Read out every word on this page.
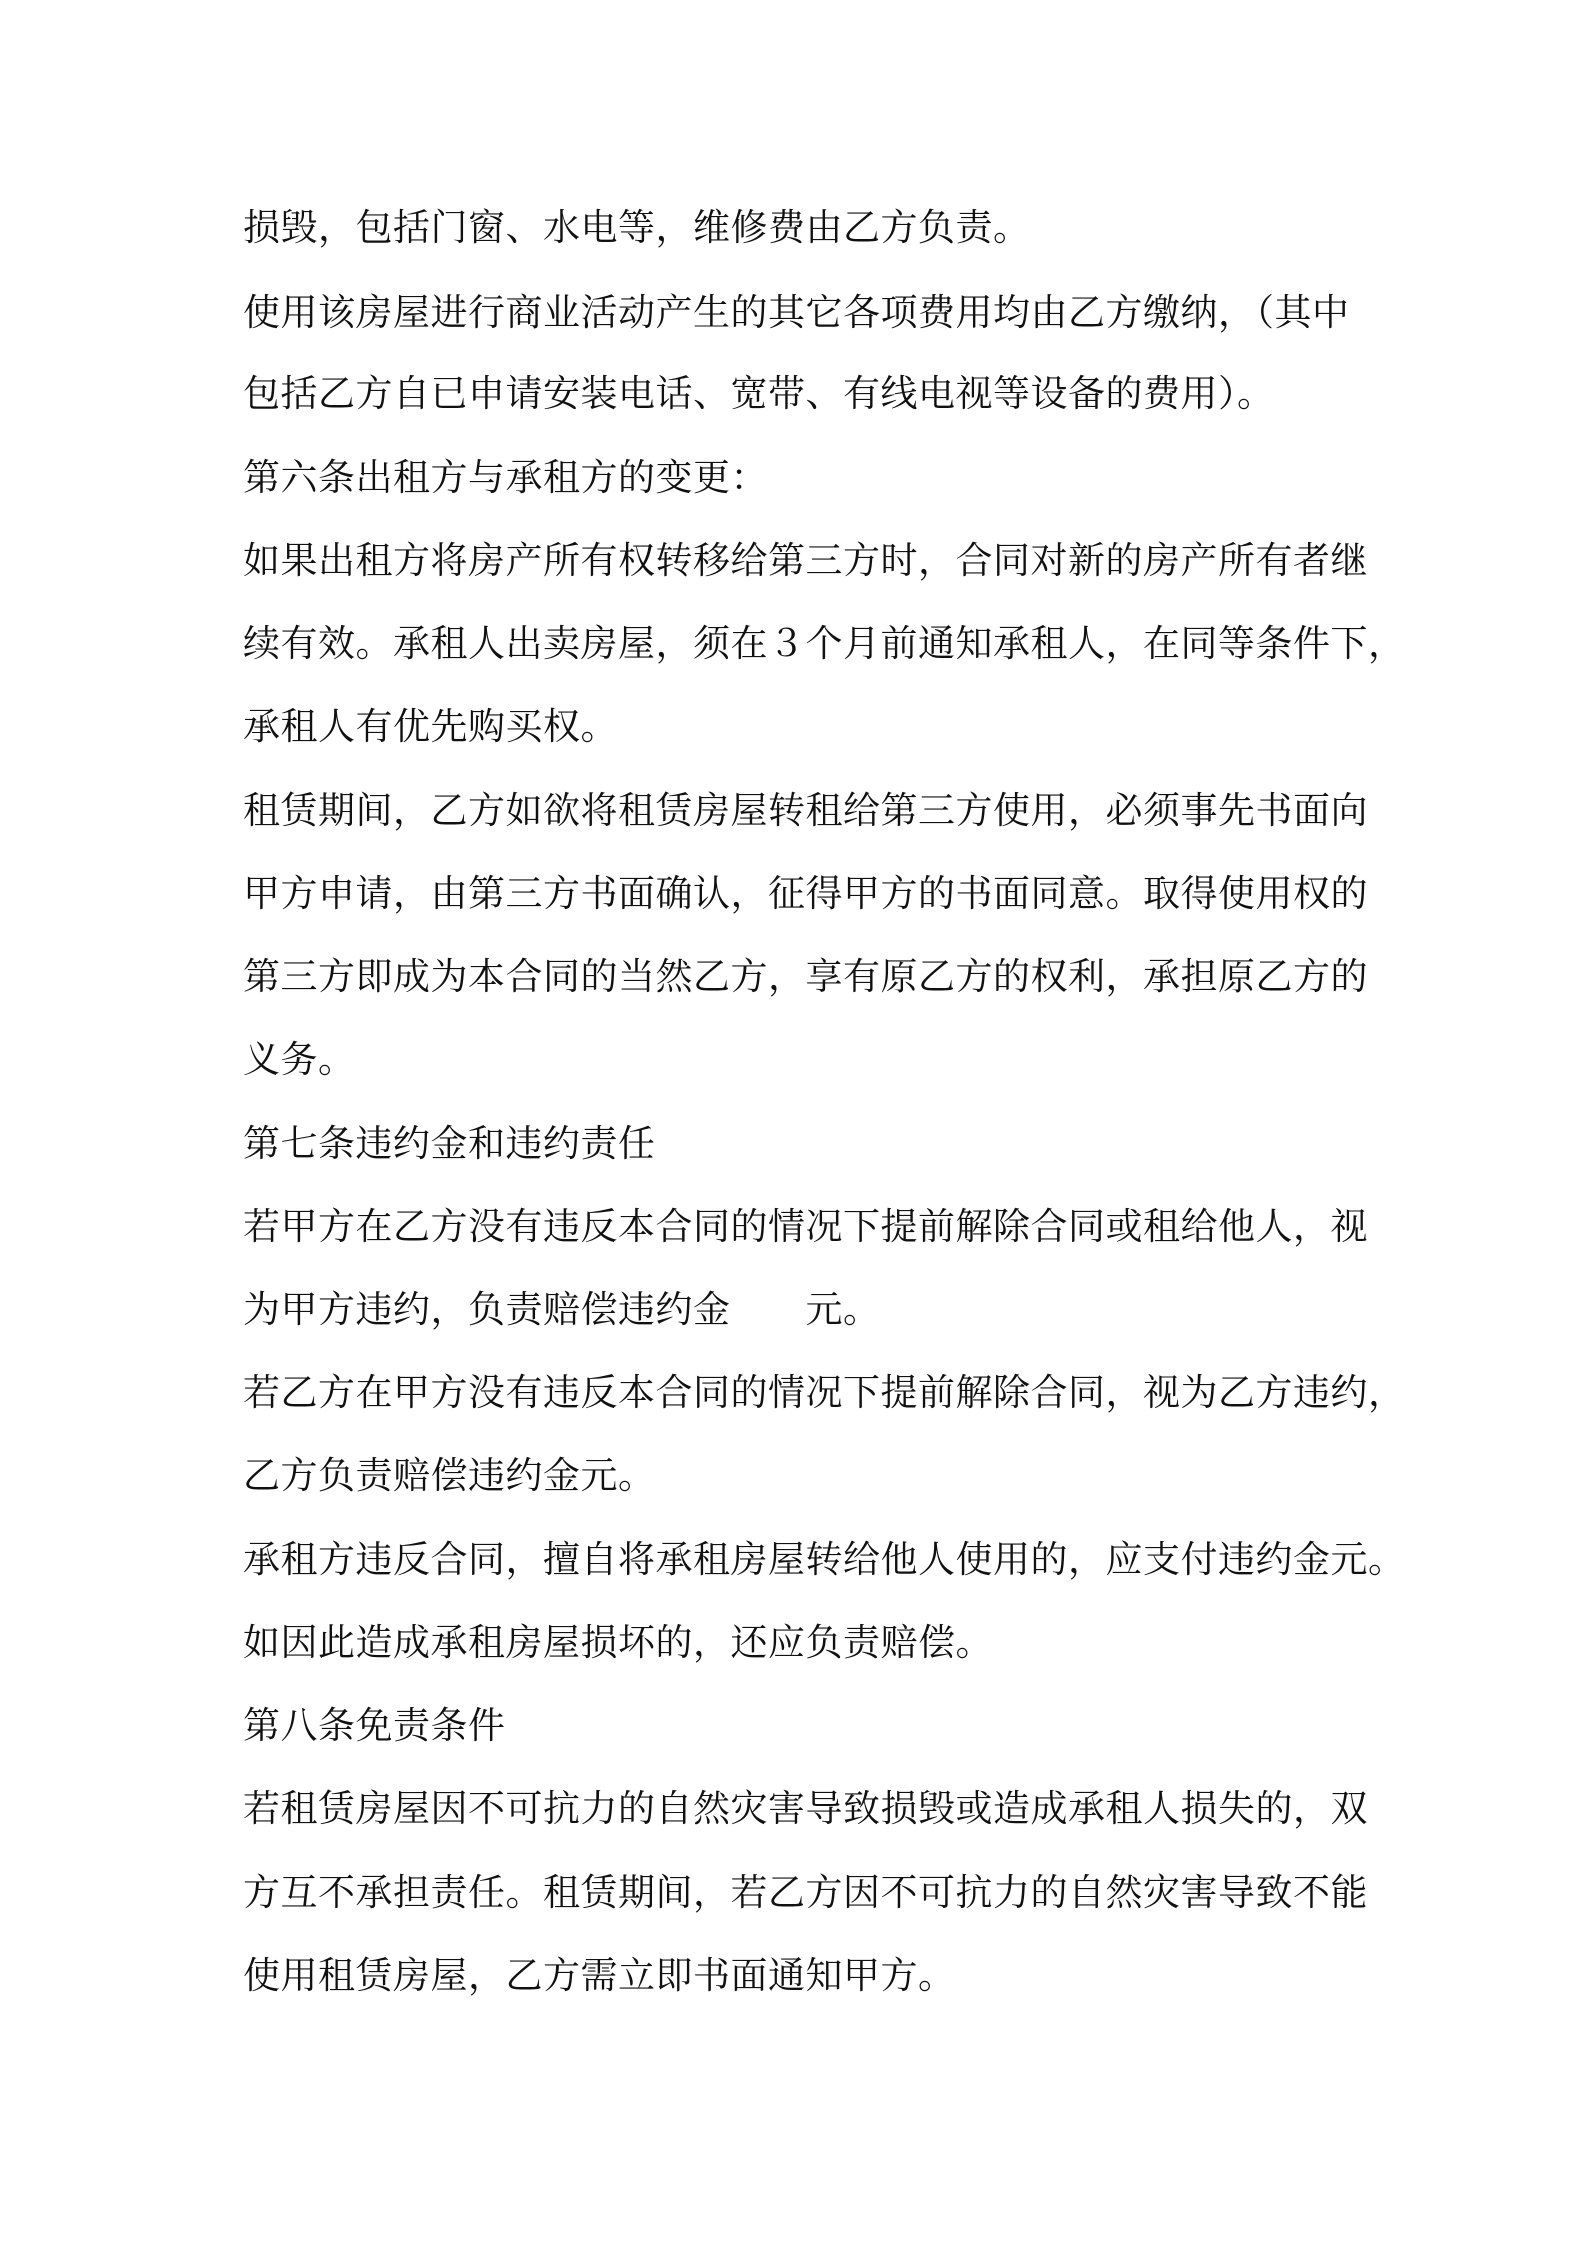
损毁，包括门窗、水电等，维修费由乙方负责。
使用该房屋进行商业活动产生的其它各项费用均由乙方缴纳，（其中
包括乙方自已申请安装电话、宽带、有线电视等设备的费用）。
第六条出租方与承租方的变更：
如果出租方将房产所有权转移给第三方时，合同对新的房产所有者继
续有效。承租人出卖房屋，须在３个月前通知承租人，在同等条件下，
承租人有优先购买权。
租赁期间，乙方如欲将租赁房屋转租给第三方使用，必须事先书面向
甲方申请，由第三方书面确认，征得甲方的书面同意。取得使用权的
第三方即成为本合同的当然乙方，享有原乙方的权利，承担原乙方的
义务。
第七条违约金和违约责任
若甲方在乙方没有违反本合同的情况下提前解除合同或租给他人，视
为甲方违约，负责赔偿违约金　　元。
若乙方在甲方没有违反本合同的情况下提前解除合同，视为乙方违约，
乙方负责赔偿违约金元。
承租方违反合同，擅自将承租房屋转给他人使用的，应支付违约金元。
如因此造成承租房屋损坏的，还应负责赔偿。
第八条免责条件
若租赁房屋因不可抗力的自然灾害导致损毁或造成承租人损失的，双
方互不承担责任。租赁期间，若乙方因不可抗力的自然灾害导致不能
使用租赁房屋，乙方需立即书面通知甲方。
